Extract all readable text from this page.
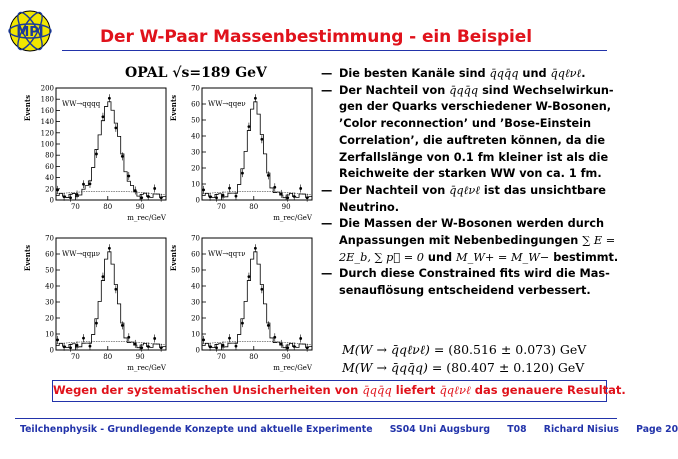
MPI	Der W-Paar Massenbestimmung - ein Beispiel
OPAL √s=189 GeV
0
20
40
60
80
100
120
140
160
180
200
70	80	90
Events
m_rec/GeV
WW→qqqq
0
10
20
30
40
50
60
70
70	80	90
Events
m_rec/GeV
WW→qqeν
0
10
20
30
40
50
60
70
70	80	90
Events
m_rec/GeV
WW→qqμν
0
10
20
30
40
50
60
70
70	80	90
Events
m_rec/GeV
WW→qqτν
— Die besten Kanäle sind q̄qq̄q und q̄qℓνℓ.
— Der Nachteil von q̄qq̄q sind Wechselwirkun- gen der Quarks verschiedener W-Bosonen, ’Color reconnection’ und ’Bose-Einstein Correlation’, die auftreten können, da die Zerfallslänge von 0.1 fm kleiner ist als die Reichweite der starken WW von ca. 1 fm.
— Der Nachteil von q̄qℓνℓ ist das unsichtbare Neutrino.
— Die Massen der W-Bosonen werden durch Anpassungen mit Nebenbedingungen ∑ E = 2E_b, ∑ p⃗ = 0 und M_W+ = M_W− bestimmt.
— Durch diese Constrained fits wird die Mas- senauflösung entscheidend verbessert.
M(W → q̄qℓνℓ) = (80.516 ± 0.073) GeV
M(W → q̄qq̄q) = (80.407 ± 0.120) GeV
Wegen der systematischen Unsicherheiten von q̄qq̄q liefert q̄qℓνℓ das genauere Resultat.
Teilchenphysik - Grundlegende Konzepte und aktuelle Experimente SS04 Uni Augsburg T08 Richard Nisius Page 20
